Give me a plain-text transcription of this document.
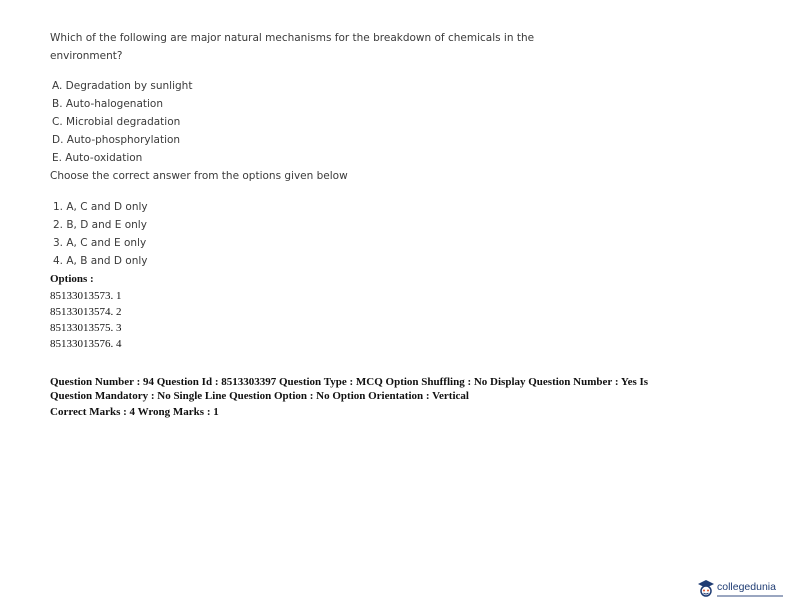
Which of the following are major natural mechanisms for the breakdown of chemicals in the
environment?
A. Degradation by sunlight
B. Auto-halogenation
C. Microbial degradation
D. Auto-phosphorylation
E. Auto-oxidation
Choose the correct answer from the options given below
1. A, C and D only
2. B, D and E only
3. A, C and E only
4. A, B and D only
Options :
85133013573. 1
85133013574. 2
85133013575. 3
85133013576. 4
Question Number : 94 Question Id : 8513303397 Question Type : MCQ Option Shuffling : No Display Question Number : Yes Is
Question Mandatory : No Single Line Question Option : No Option Orientation : Vertical
Correct Marks : 4 Wrong Marks : 1
collegedunia
